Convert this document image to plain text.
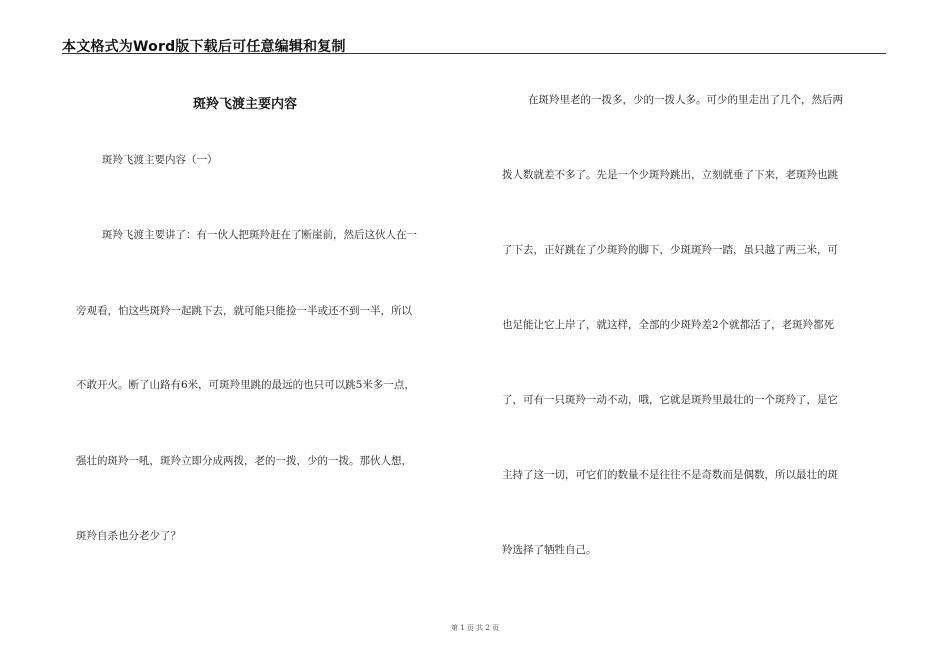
本文格式为Word版下载后可任意编辑和复制
斑羚飞渡主要内容
斑羚飞渡主要内容（一）
斑羚飞渡主要讲了：有一伙人把斑羚赶在了断崖前，然后这伙人在一
旁观看，怕这些斑羚一起跳下去，就可能只能捡一半或还不到一半，所以
不敢开火。断了山路有6米，可斑羚里跳的最远的也只可以跳5米多一点，
强壮的斑羚一吼，斑羚立即分成两拨，老的一拨，少的一拨。那伙人想，
斑羚自杀也分老少了？
在斑羚里老的一拨多，少的一拨人多。可少的里走出了几个，然后两
拨人数就差不多了。先是一个少斑羚跳出，立刻就垂了下来，老斑羚也跳
了下去，正好跳在了少斑羚的脚下，少斑斑羚一踏，虽只越了两三米，可
也足能让它上岸了，就这样，全部的少斑羚差2个就都活了，老斑羚都死
了，可有一只斑羚一动不动，哦，它就是斑羚里最壮的一个斑羚了，是它
主持了这一切，可它们的数量不是往往不是奇数而是偶数，所以最壮的斑
羚选择了牺牲自己。
第 1 页 共 2 页
